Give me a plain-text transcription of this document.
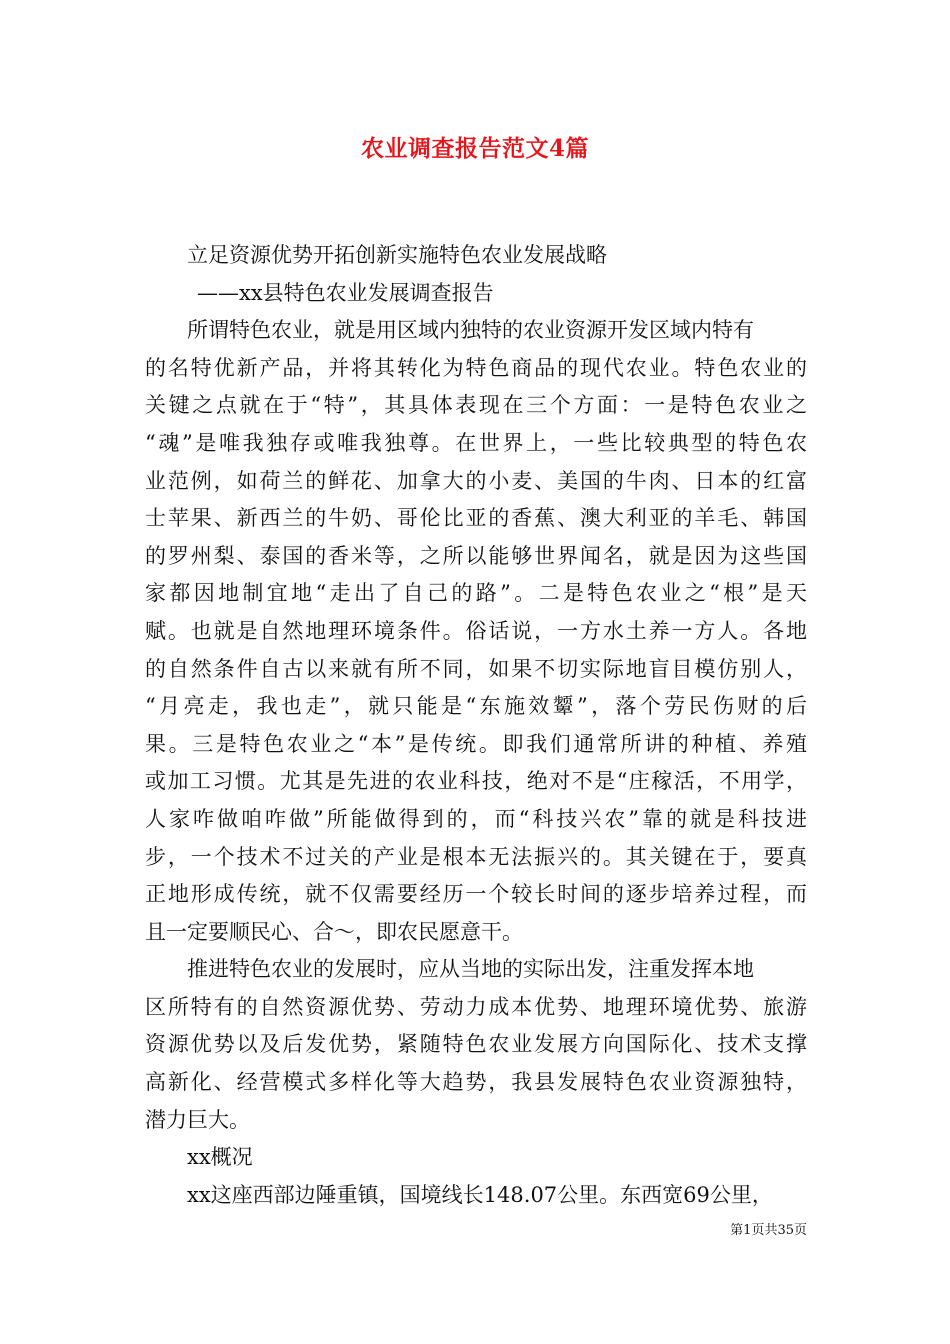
农业调查报告范文4篇
立足资源优势开拓创新实施特色农业发展战略
——xx县特色农业发展调查报告
所谓特色农业，就是用区域内独特的农业资源开发区域内特有
的名特优新产品，并将其转化为特色商品的现代农业。特色农业的
关键之点就在于“特”，其具体表现在三个方面：一是特色农业之
“魂”是唯我独存或唯我独尊。在世界上，一些比较典型的特色农
业范例，如荷兰的鲜花、加拿大的小麦、美国的牛肉、日本的红富
士苹果、新西兰的牛奶、哥伦比亚的香蕉、澳大利亚的羊毛、韩国
的罗州梨、泰国的香米等，之所以能够世界闻名，就是因为这些国
家都因地制宜地“走出了自己的路”。二是特色农业之“根”是天
赋。也就是自然地理环境条件。俗话说，一方水土养一方人。各地
的自然条件自古以来就有所不同，如果不切实际地盲目模仿别人，
“月亮走，我也走”，就只能是“东施效颦”，落个劳民伤财的后
果。三是特色农业之“本”是传统。即我们通常所讲的种植、养殖
或加工习惯。尤其是先进的农业科技，绝对不是“庄稼活，不用学，
人家咋做咱咋做”所能做得到的，而“科技兴农”靠的就是科技进
步，一个技术不过关的产业是根本无法振兴的。其关键在于，要真
正地形成传统，就不仅需要经历一个较长时间的逐步培养过程，而
且一定要顺民心、合～，即农民愿意干。
推进特色农业的发展时，应从当地的实际出发，注重发挥本地
区所特有的自然资源优势、劳动力成本优势、地理环境优势、旅游
资源优势以及后发优势，紧随特色农业发展方向国际化、技术支撑
高新化、经营模式多样化等大趋势，我县发展特色农业资源独特，
潜力巨大。
xx概况
xx这座西部边陲重镇，国境线长148.07公里。东西宽69公里，
第1页共35页
